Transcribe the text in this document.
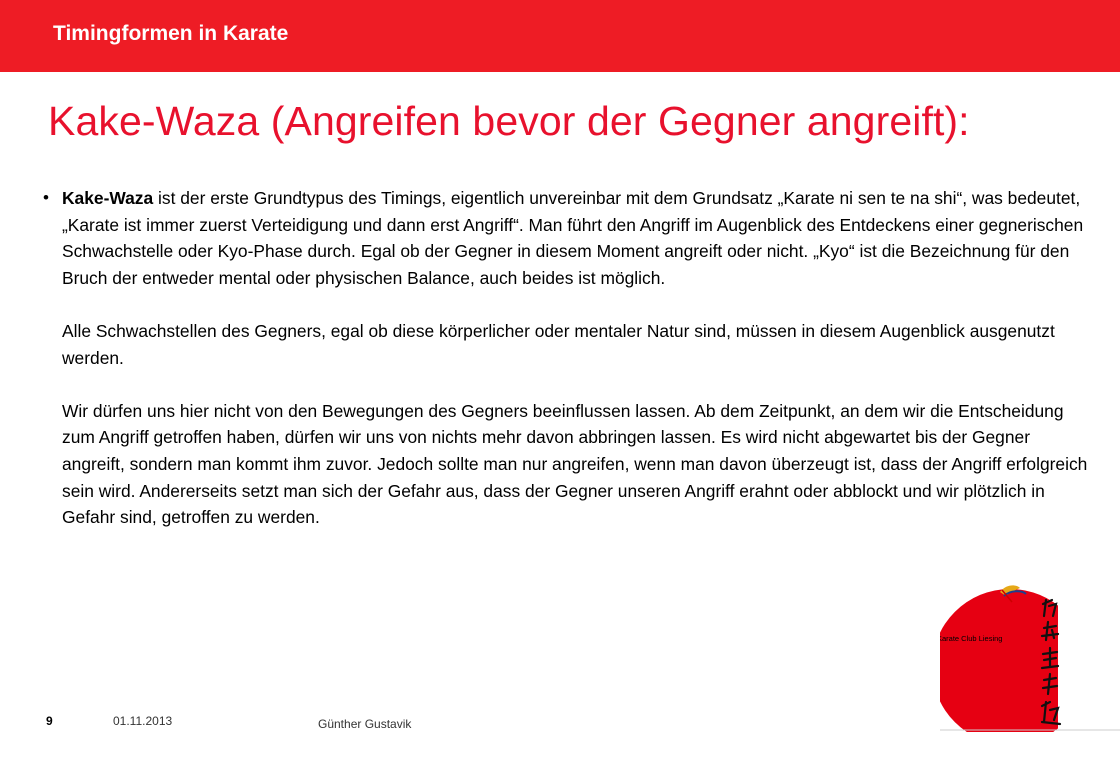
Timingformen in Karate
Kake-Waza (Angreifen bevor der Gegner angreift):
• Kake-Waza ist der erste Grundtypus des Timings, eigentlich unvereinbar mit dem Grundsatz „Karate ni sen te na shi“, was bedeutet, „Karate ist immer zuerst Verteidigung und dann erst Angriff“. Man führt den Angriff im Augenblick des Entdeckens einer gegnerischen Schwachstelle oder Kyo-Phase durch. Egal ob der Gegner in diesem Moment angreift oder nicht. „Kyo“ ist die Bezeichnung für den Bruch der entweder mental oder physischen Balance, auch beides ist möglich.

Alle Schwachstellen des Gegners, egal ob diese körperlicher oder mentaler Natur sind, müssen in diesem Augenblick ausgenutzt werden.

Wir dürfen uns hier nicht von den Bewegungen des Gegners beeinflussen lassen. Ab dem Zeitpunkt, an dem wir die Entscheidung zum Angriff getroffen haben, dürfen wir uns von nichts mehr davon abbringen lassen. Es wird nicht abgewartet bis der Gegner angreift, sondern man kommt ihm zuvor. Jedoch sollte man nur angreifen, wenn man davon überzeugt ist, dass der Angriff erfolgreich sein wird. Andererseits setzt man sich der Gefahr aus, dass der Gegner unseren Angriff erahnt oder abblockt und wir plötzlich in Gefahr sind, getroffen zu werden.

9	01.11.2013	Günther Gustavik
Karate Club Liesing
